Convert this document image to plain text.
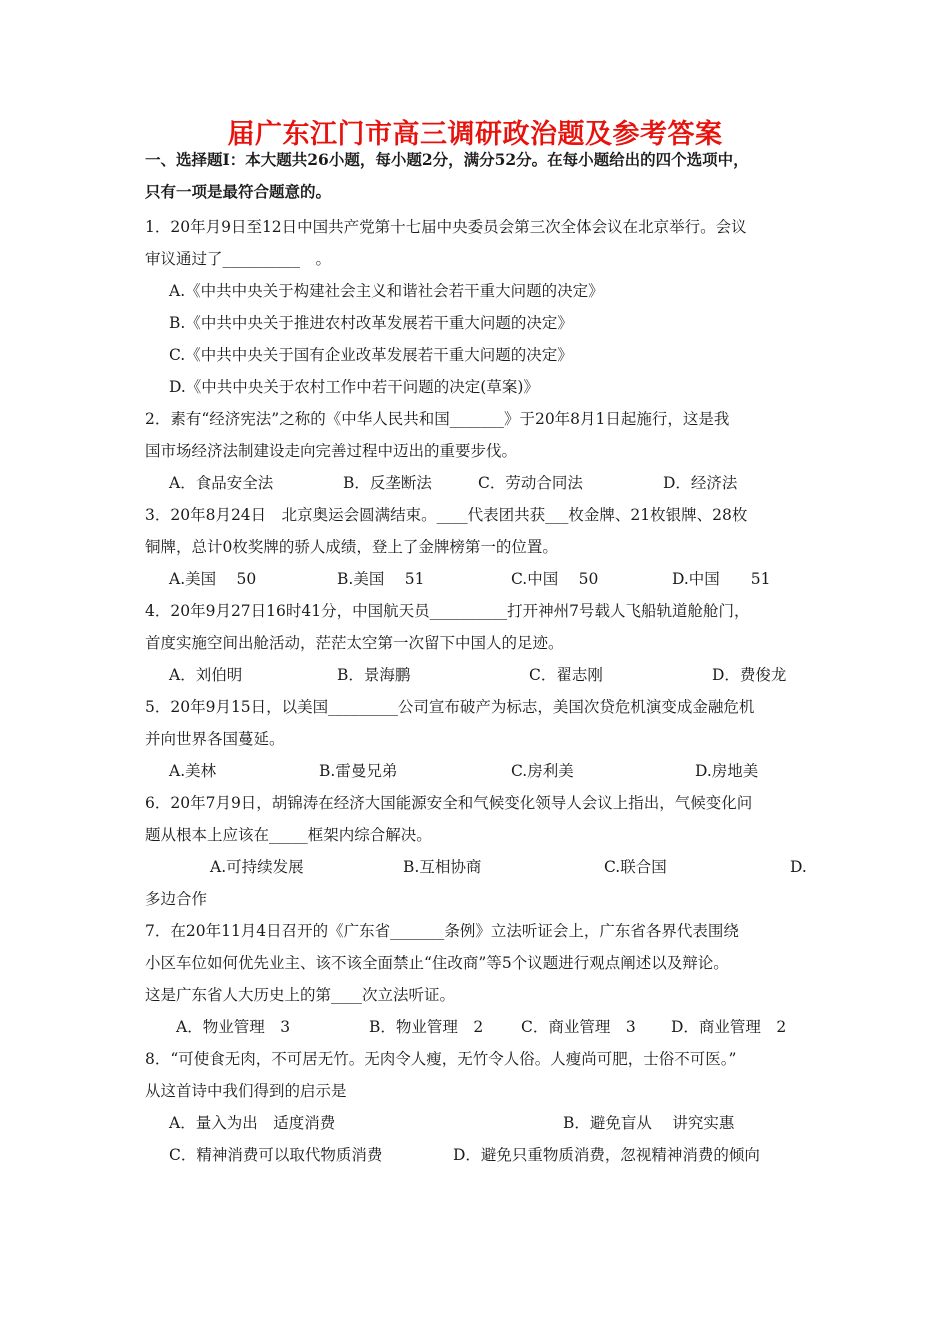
届广东江门市高三调研政治题及参考答案
一、选择题Ⅰ：本大题共26小题，每小题2分，满分52分。在每小题给出的四个选项中，
只有一项是最符合题意的。
1．20年月9日至12日中国共产党第十七届中央委员会第三次全体会议在北京举行。会议
审议通过了__________　。
A.《中共中央关于构建社会主义和谐社会若干重大问题的决定》
B.《中共中央关于推进农村改革发展若干重大问题的决定》
C.《中共中央关于国有企业改革发展若干重大问题的决定》
D.《中共中央关于农村工作中若干问题的决定(草案)》
2．素有“经济宪法”之称的《中华人民共和国_______》于20年8月1日起施行，这是我
国市场经济法制建设走向完善过程中迈出的重要步伐。
A．食品安全法	B．反垄断法	C．劳动合同法	D．经济法
3．20年8月24日　北京奥运会圆满结束。____代表团共获___枚金牌、21枚银牌、28枚
铜牌，总计0枚奖牌的骄人成绩，登上了金牌榜第一的位置。
A.美国　 50	B.美国　 51	C.中国　 50	D.中国　　51
4．20年9月27日16时41分，中国航天员__________打开神州7号载人飞船轨道舱舱门，
首度实施空间出舱活动，茫茫太空第一次留下中国人的足迹。
A．刘伯明	B．景海鹏	C．翟志刚	D．费俊龙
5．20年9月15日，以美国_________公司宣布破产为标志，美国次贷危机演变成金融危机
并向世界各国蔓延。
A.美林	B.雷曼兄弟	C.房利美	D.房地美
6．20年7月9日，胡锦涛在经济大国能源安全和气候变化领导人会议上指出，气候变化问
题从根本上应该在_____框架内综合解决。
A.可持续发展	B.互相协商	C.联合国	D.
多边合作
7．在20年11月4日召开的《广东省_______条例》立法听证会上，广东省各界代表围绕
小区车位如何优先业主、该不该全面禁止“住改商”等5个议题进行观点阐述以及辩论。
这是广东省人大历史上的第____次立法听证。
A．物业管理　3	B．物业管理　2 C．商业管理　3 D．商业管理　2
8．“可使食无肉，不可居无竹。无肉令人瘦，无竹令人俗。人瘦尚可肥，士俗不可医。”
从这首诗中我们得到的启示是
A．量入为出　适度消费	B．避免盲从　 讲究实惠
C．精神消费可以取代物质消费	D．避免只重物质消费，忽视精神消费的倾向
